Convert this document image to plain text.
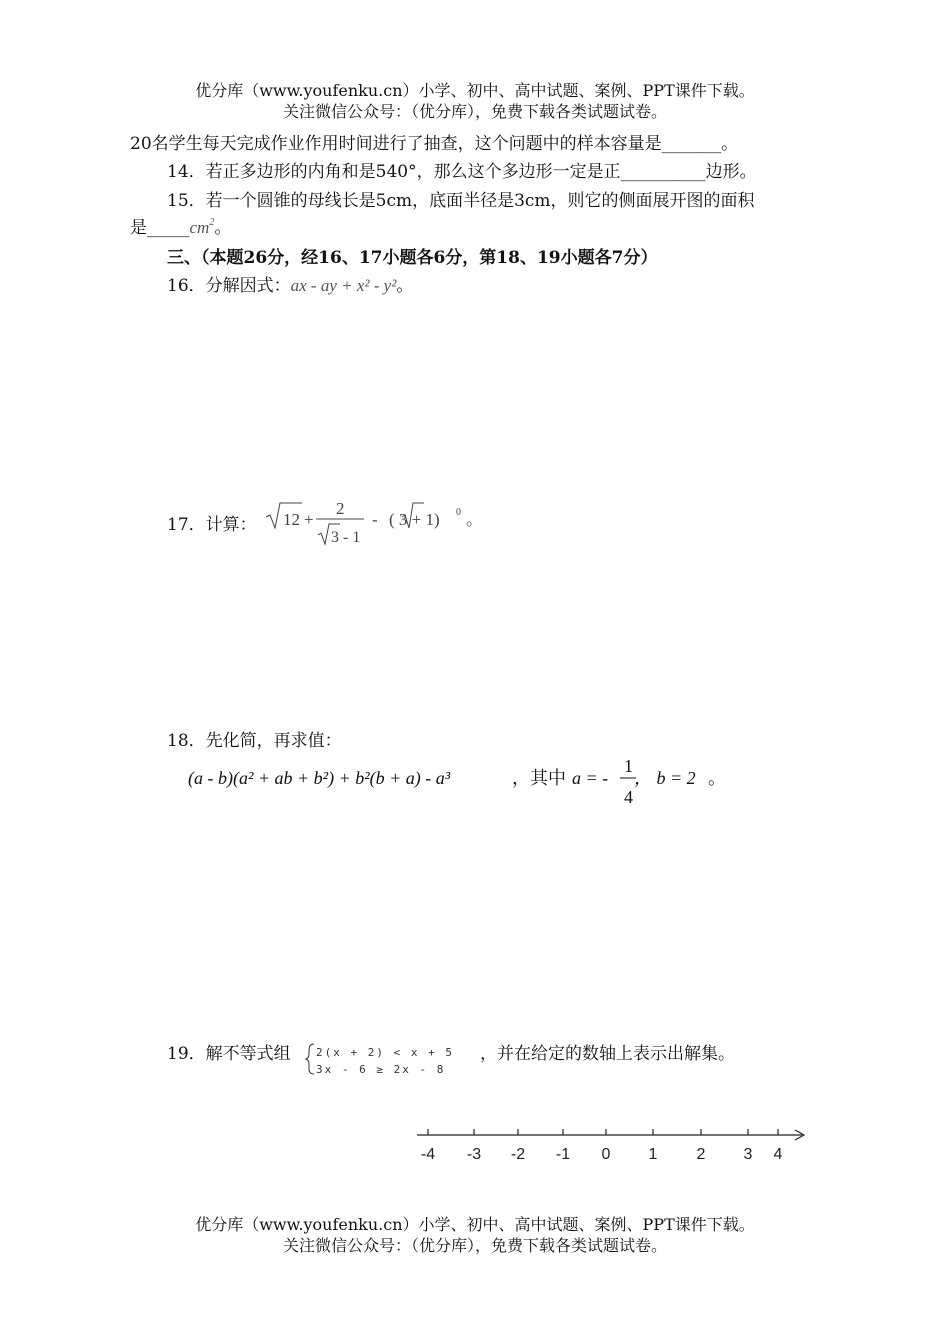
优分库（www.youfenku.cn）小学、初中、高中试题、案例、PPT课件下载。
关注微信公众号：（优分库），免费下载各类试题试卷。
20名学生每天完成作业作用时间进行了抽查，这个问题中的样本容量是_______。
14．若正多边形的内角和是540°，那么这个多边形一定是正__________边形。
15．若一个圆锥的母线长是5cm，底面半径是3cm，则它的侧面展开图的面积
是$\_\_\_\_\_cm^2$。
三、（本题26分，经16、17小题各6分，第18、19小题各7分）
16．分解因式：ax - ay + x² - y²。
17．计算： 12 +
2
3 - 1
- ( 3 + 1) 0 。
18．先化简，再求值：
(a - b)(a² + ab + b²) + b²(b + a) - a³	，其中 a = -
1
4
， b = 2 。
19．解不等式组 2(x + 2) < x + 5
3x - 6 ≥ 2x - 8
，并在给定的数轴上表示出解集。
-4 -3 -2 -1 0 1 2 3 4
优分库（www.youfenku.cn）小学、初中、高中试题、案例、PPT课件下载。
关注微信公众号：（优分库），免费下载各类试题试卷。
